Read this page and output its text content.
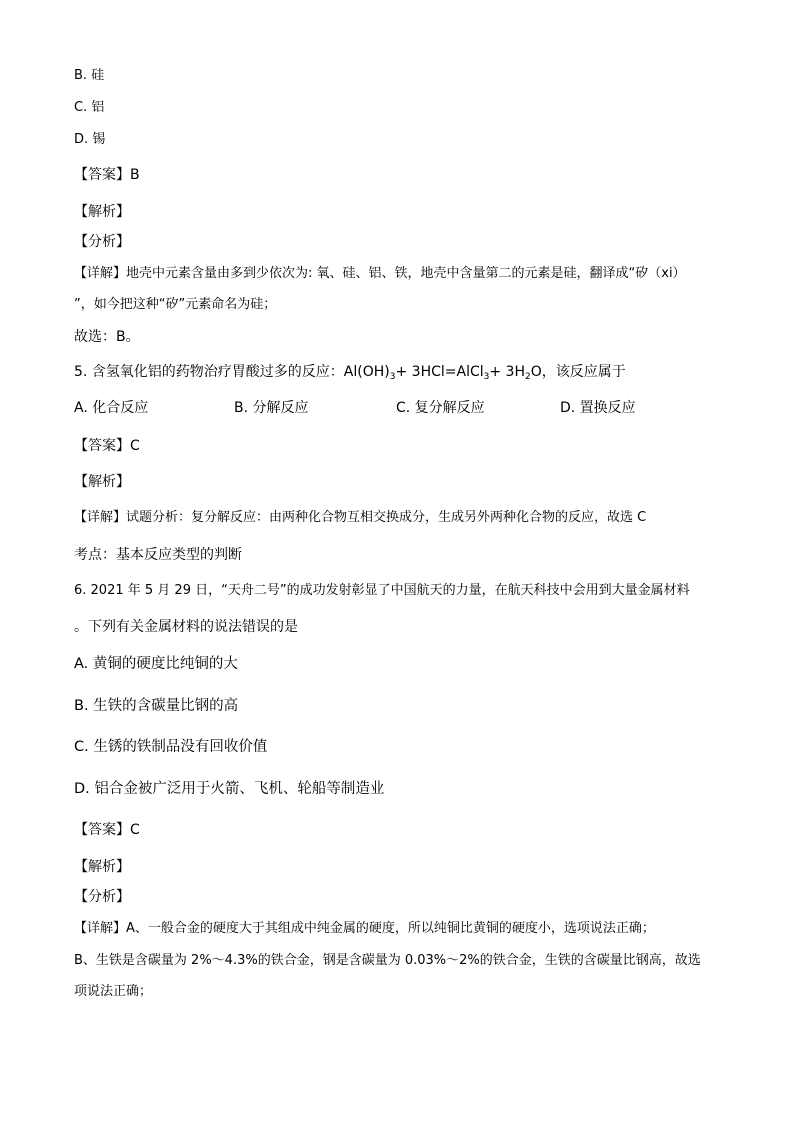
B. 硅
C. 铝
D. 锡
【答案】B
【解析】
【分析】
【详解】地壳中元素含量由多到少依次为: 氧、硅、铝、铁，地壳中含量第二的元素是硅，翻译成“矽（xi）
”，如今把这种“矽”元素命名为硅；
故选：B。
5. 含氢氧化铝的药物治疗胃酸过多的反应：$Al(OH)_3+$ 3HCl=AlCl$_3$+ $3H_2O$，该反应属于
A. 化合反应	B. 分解反应	C. 复分解反应	D. 置换反应
【答案】C
【解析】
【详解】试题分析：复分解反应：由两种化合物互相交换成分，生成另外两种化合物的反应，故选 C
考点：基本反应类型的判断
6. 2021 年 5 月 29 日，“天舟二号”的成功发射彰显了中国航天的力量，在航天科技中会用到大量金属材料
。下列有关金属材料的说法错误的是
A. 黄铜的硬度比纯铜的大
B. 生铁的含碳量比钢的高
C. 生锈的铁制品没有回收价值
D. 铝合金被广泛用于火箭、飞机、轮船等制造业
【答案】C
【解析】
【分析】
【详解】A、一般合金的硬度大于其组成中纯金属的硬度，所以纯铜比黄铜的硬度小，选项说法正确；
B、生铁是含碳量为 2%～4.3%的铁合金，钢是含碳量为 0.03%～2%的铁合金，生铁的含碳量比钢高，故选
项说法正确；
